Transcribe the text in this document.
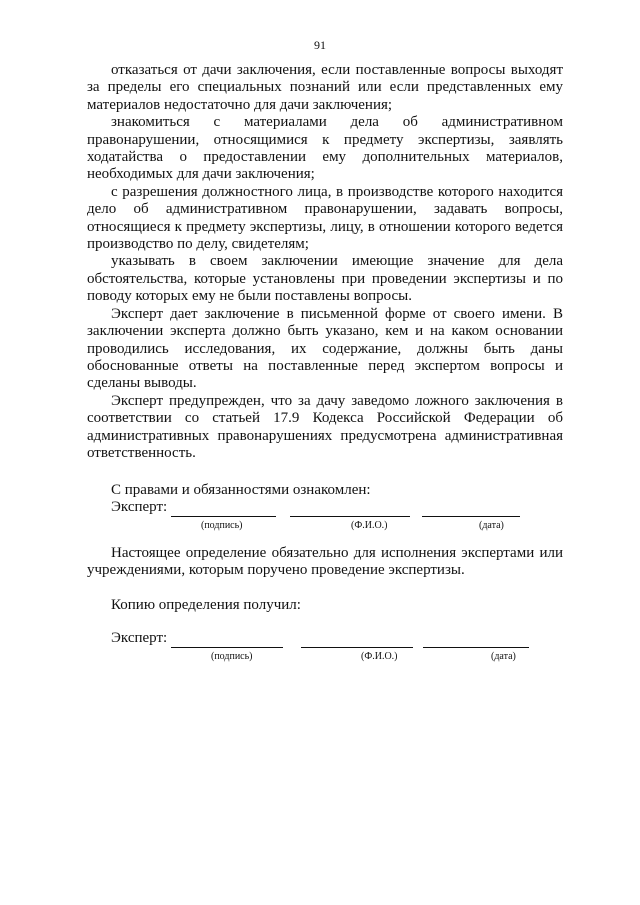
91

отказаться от дачи заключения, если поставленные вопросы выходят за пределы его специальных познаний или если представленных ему материалов недостаточно для дачи заключения;

знакомиться с материалами дела об административном правонарушении, относящимися к предмету экспертизы, заявлять ходатайства о предоставлении ему дополнительных материалов, необходимых для дачи заключения;

с разрешения должностного лица, в производстве которого находится дело об административном правонарушении, задавать вопросы, относящиеся к предмету экспертизы, лицу, в отношении которого ведется производство по делу, свидетелям;

указывать в своем заключении имеющие значение для дела обстоятельства, которые установлены при проведении экспертизы и по поводу которых ему не были поставлены вопросы.

Эксперт дает заключение в письменной форме от своего имени. В заключении эксперта должно быть указано, кем и на каком основании проводились исследования, их содержание, должны быть даны обоснованные ответы на поставленные перед экспертом вопросы и сделаны выводы.

Эксперт предупрежден, что за дачу заведомо ложного заключения в соответствии со статьей 17.9 Кодекса Российской Федерации об административных правонарушениях предусмотрена административная ответственность.

С правами и обязанностями ознакомлен:
Эксперт:
(подпись)	(Ф.И.О.)	(дата)
Настоящее определение обязательно для исполнения экспертами или учреждениями, которым поручено проведение экспертизы.
Копию определения получил:
Эксперт:
(подпись)	(Ф.И.О.)	(дата)
